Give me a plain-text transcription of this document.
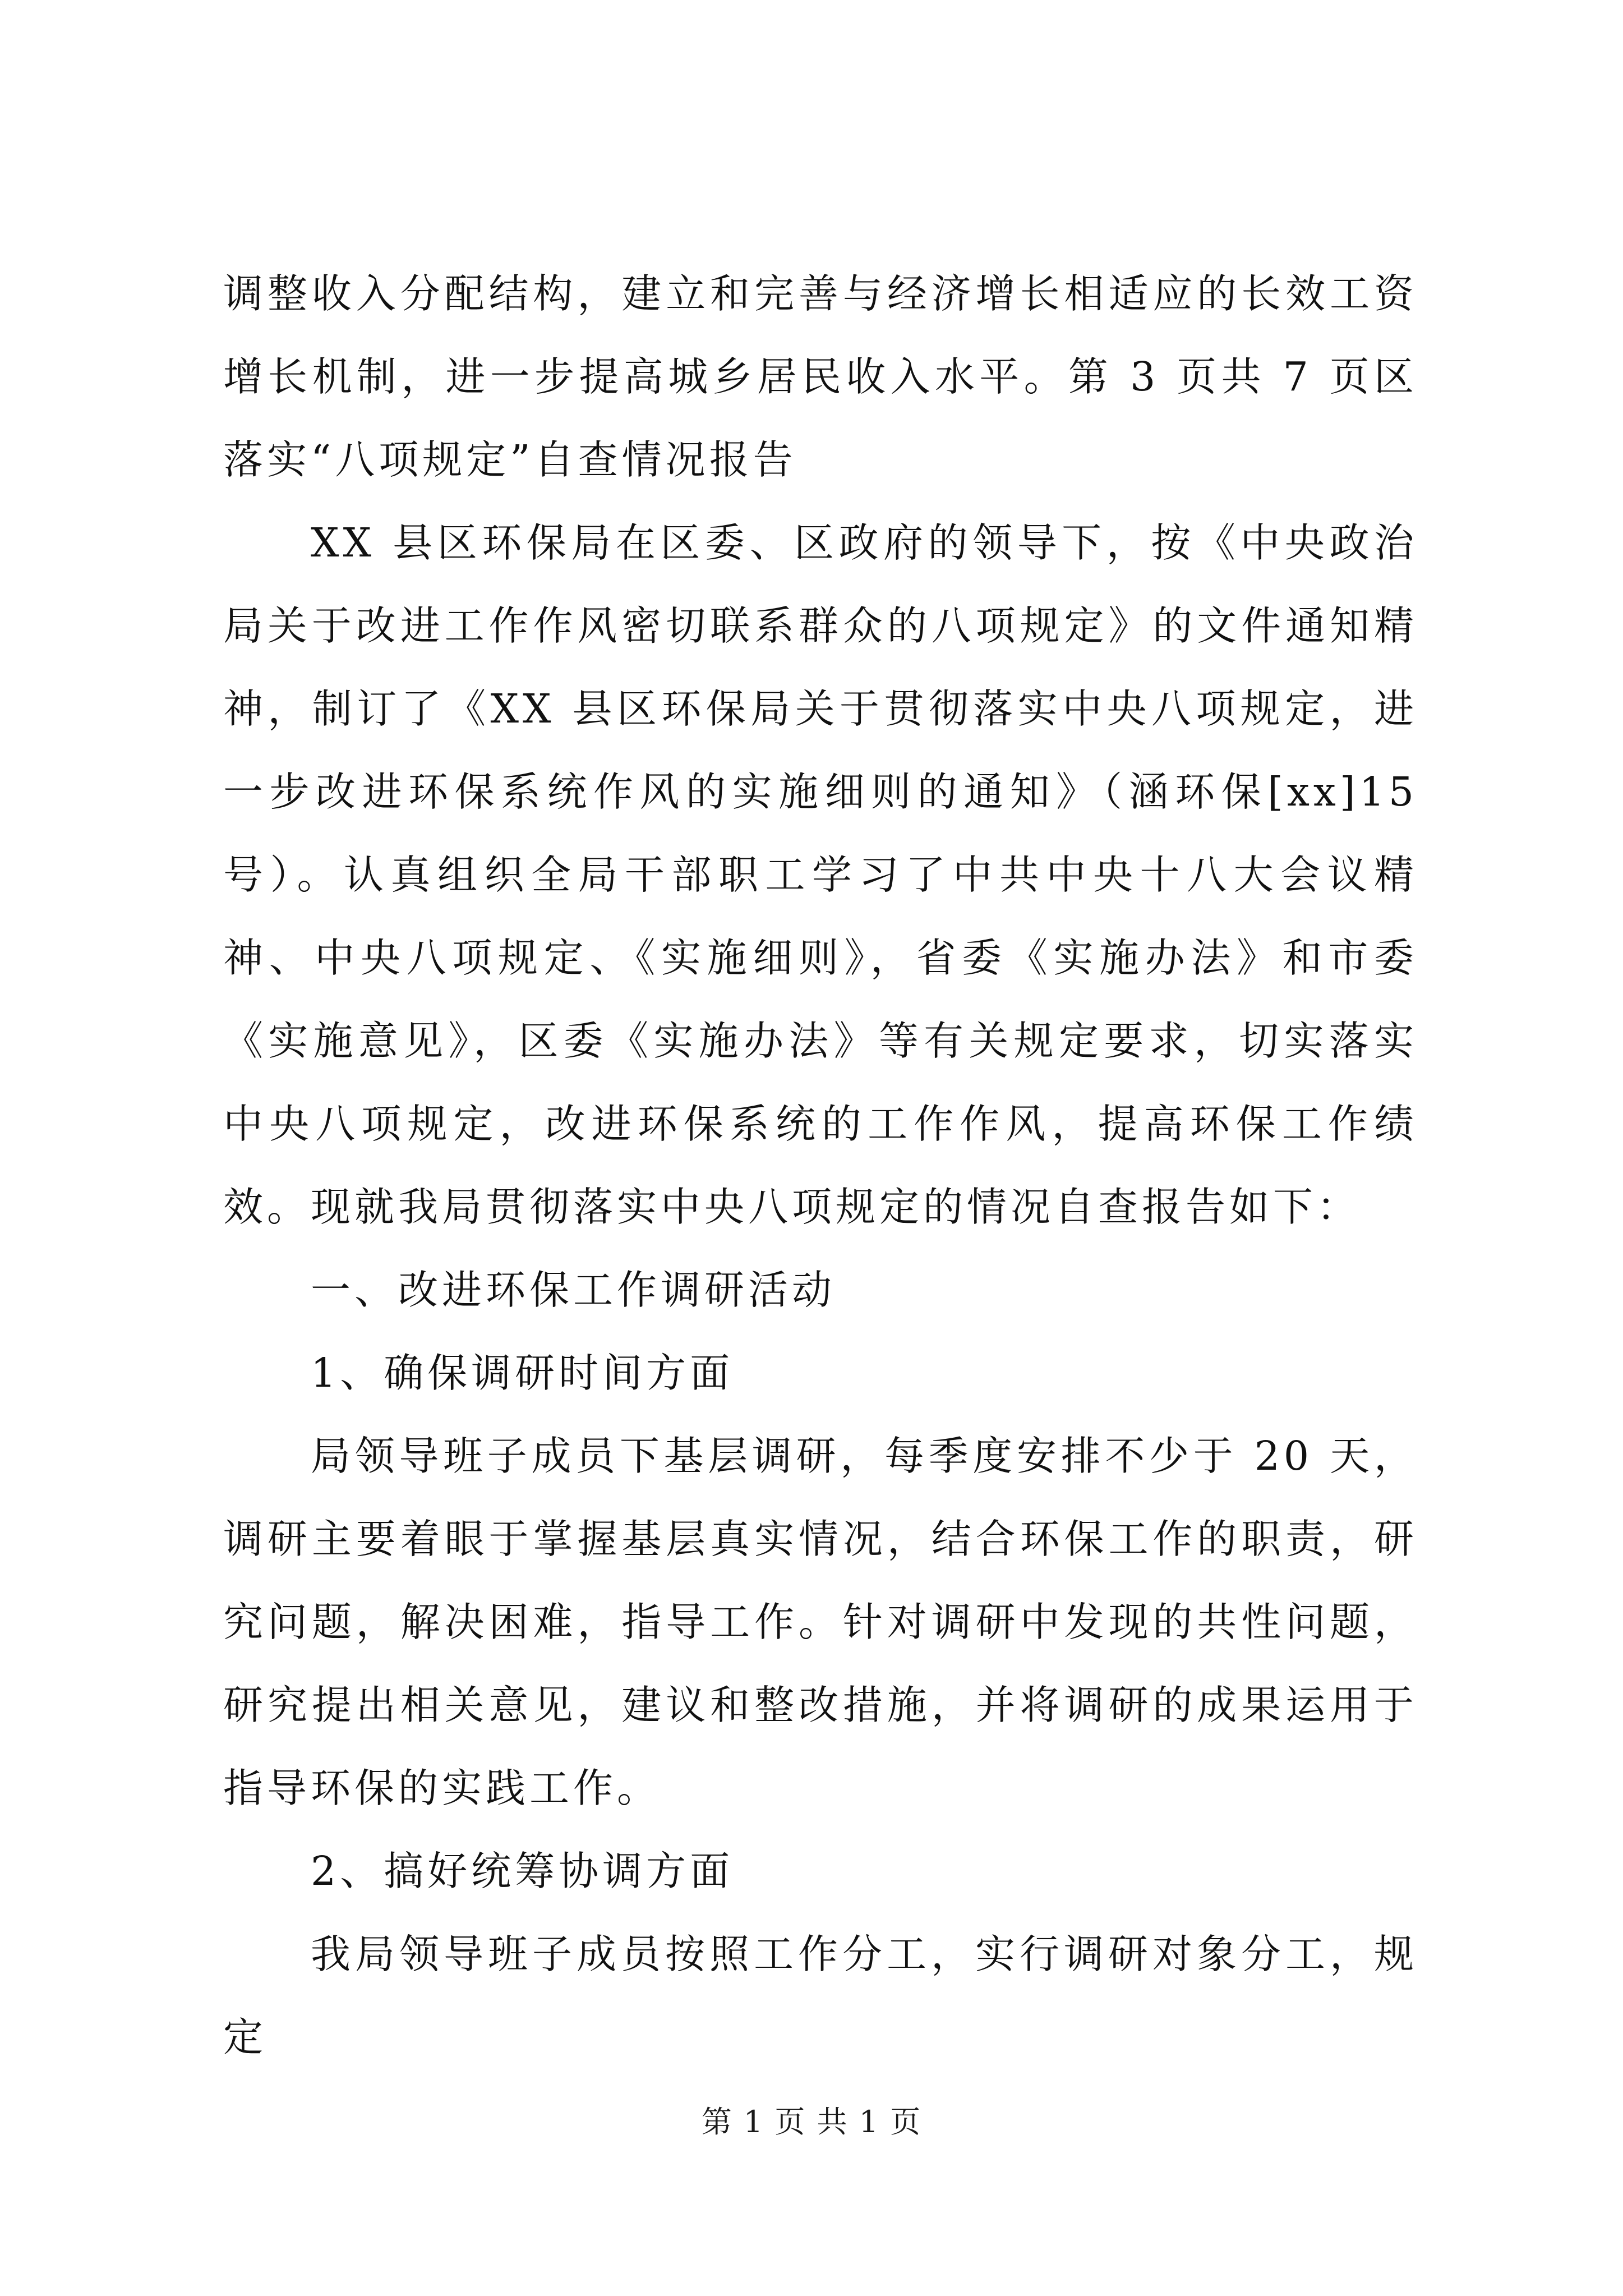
调整收入分配结构，建立和完善与经济增长相适应的长效工资增长机制，进一步提高城乡居民收入水平。第 3 页共 7 页区落实“八项规定”自查情况报告

XX 县区环保局在区委、区政府的领导下，按《中央政治局关于改进工作作风密切联系群众的八项规定》的文件通知精神，制订了《XX 县区环保局关于贯彻落实中央八项规定，进一步改进环保系统作风的实施细则的通知》（涵环保[xx]15 号）。认真组织全局干部职工学习了中共中央十八大会议精神、中央八项规定、《实施细则》，省委《实施办法》和市委《实施意见》，区委《实施办法》等有关规定要求，切实落实中央八项规定，改进环保系统的工作作风，提高环保工作绩效。现就我局贯彻落实中央八项规定的情况自查报告如下：

一、改进环保工作调研活动

1、确保调研时间方面

局领导班子成员下基层调研，每季度安排不少于 20 天，调研主要着眼于掌握基层真实情况，结合环保工作的职责，研究问题，解决困难，指导工作。针对调研中发现的共性问题，研究提出相关意见，建议和整改措施，并将调研的成果运用于指导环保的实践工作。

2、搞好统筹协调方面

我局领导班子成员按照工作分工，实行调研对象分工，规定

第 1 页 共 1 页
